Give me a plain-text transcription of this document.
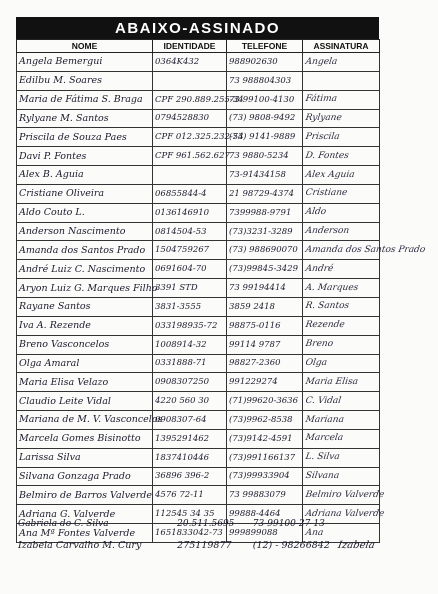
ABAIXO-ASSINADO
NOME	IDENTIDADE	TELEFONE	ASSINATURA
Angela Bemergui	0364K432	988902630	Angela
Edilbu M. Soares		73 988804303	
Maria de Fátima S. Braga	CPF 290.889.255-34	73-99100-4130	Fátima
Rylyane M. Santos	0794528830	(73) 9808-9492	Rylyane
Priscila de Souza Paes	CPF 012.325.232-54	(73) 9141-9889	Priscila
Davi P. Fontes	CPF 961.562.627	73 9880-5234	D. Fontes
Alex B. Aguia		73-91434158	Alex Aguia
Cristiane Oliveira	06855844-4	21 98729-4374	Cristiane
Aldo Couto L.	0136146910	7399988-9791	Aldo
Anderson Nascimento	0814504-53	(73)3231-3289	Anderson
Amanda dos Santos Prado	1504759267	(73) 988690070	Amanda dos Santos Prado
André Luiz C. Nascimento	0691604-70	(73)99845-3429	André
Aryon Luiz G. Marques Filho	3391 STD	73 99194414	A. Marques
Rayane Santos	3831-3555	3859 2418	R. Santos
Iva A. Rezende	033198935-72	98875-0116	Rezende
Breno Vasconcelos	1008914-32	99114 9787	Breno
Olga Amaral	0331888-71	98827-2360	Olga
Maria Elisa Velazo	0908307250	991229274	Maria Elisa
Claudio Leite Vidal	4220 560 30	(71)99620-3636	C. Vidal
Mariana de M. V. Vasconcelos	0908307-64	(73)9962-8538	Mariana
Marcela Gomes Bisinotto	1395291462	(73)9142-4591	Marcela
Larissa Silva	1837410446	(73)991166137	L. Silva
Silvana Gonzaga Prado	36896 396-2	(73)99933904	Silvana
Belmiro de Barros Valverde	4576 72-11	73 99883079	Belmiro Valverde
Adriana G. Valverde	112545 34 35	99888-4464	Adriana Valverde
Ana Mª Fontes Valverde	1651833042-73	999899088	Ana
Gabriela do C. Silva	20.511.5695	73-99100-27-13
Izabela Carvalho M. Cury	275119877	(12) - 98266842 Izabela
